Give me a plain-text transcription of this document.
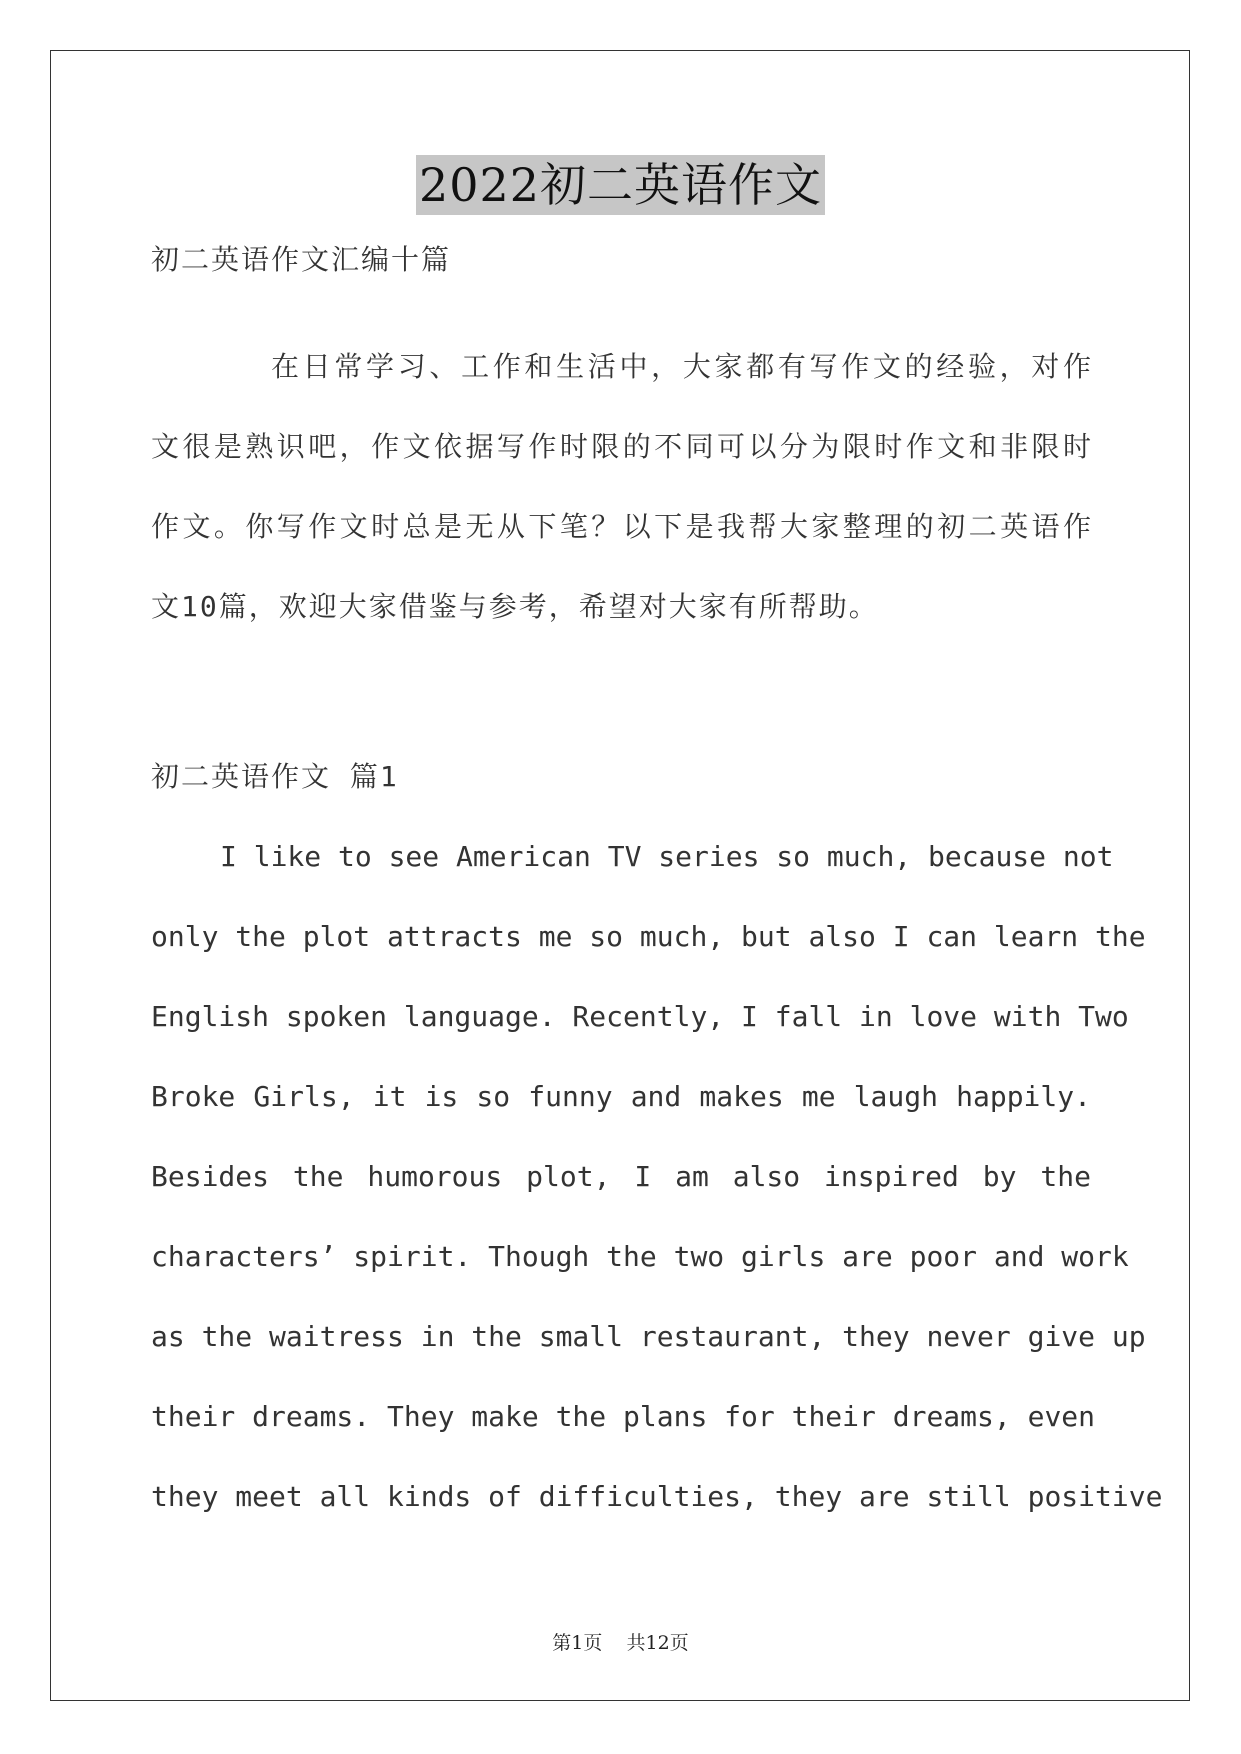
2022初二英语作文
初二英语作文汇编十篇
在日常学习、工作和生活中，大家都有写作文的经验，对作
文很是熟识吧，作文依据写作时限的不同可以分为限时作文和非限时
作文。你写作文时总是无从下笔？以下是我帮大家整理的初二英语作
文10篇，欢迎大家借鉴与参考，希望对大家有所帮助。
初二英语作文 篇1
I like to see American TV series so much, because not
only the plot attracts me so much, but also I can learn the
English spoken language. Recently, I fall in love with Two
Broke Girls, it is so funny and makes me laugh happily.
Besides the humorous plot, I am also inspired by the
characters’ spirit. Though the two girls are poor and work
as the waitress in the small restaurant, they never give up
their dreams. They make the plans for their dreams, even
they meet all kinds of difficulties, they are still positive
第1页 共12页
